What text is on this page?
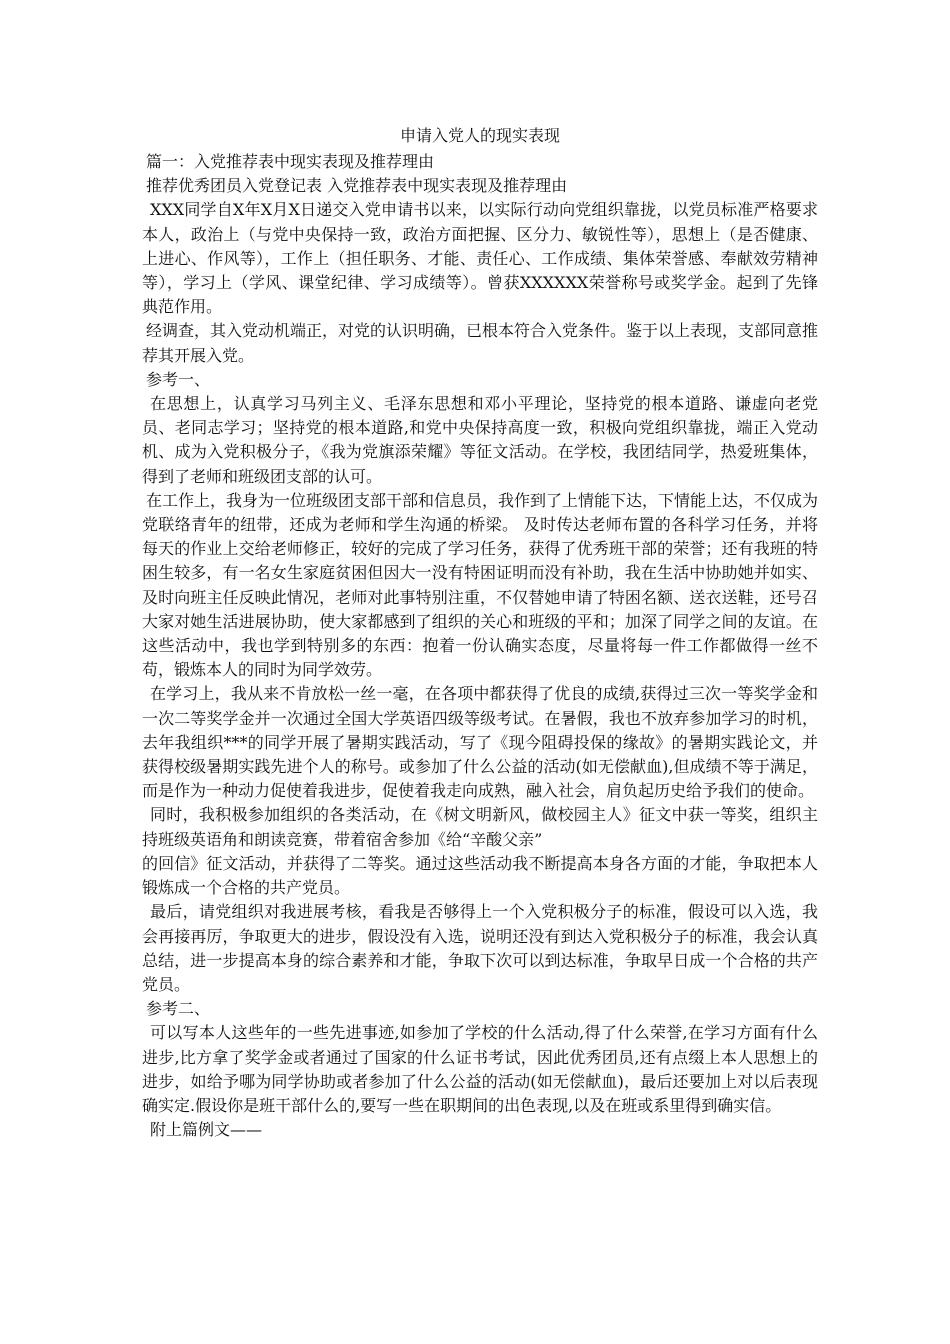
申请入党人的现实表现

篇一：入党推荐表中现实表现及推荐理由

推荐优秀团员入党登记表 入党推荐表中现实表现及推荐理由

XXX同学自X年X月X日递交入党申请书以来，以实际行动向党组织靠拢，以党员标准严格要求本人，政治上（与党中央保持一致，政治方面把握、区分力、敏锐性等），思想上（是否健康、上进心、作风等），工作上（担任职务、才能、责任心、工作成绩、集体荣誉感、奉献效劳精神等），学习上（学风、课堂纪律、学习成绩等）。曾获XXXXXX荣誉称号或奖学金。起到了先锋典范作用。

经调查，其入党动机端正，对党的认识明确，已根本符合入党条件。鉴于以上表现，支部同意推荐其开展入党。

参考一、

在思想上，认真学习马列主义、毛泽东思想和邓小平理论，坚持党的根本道路、谦虚向老党员、老同志学习；坚持党的根本道路,和党中央保持高度一致，积极向党组织靠拢，端正入党动机、成为入党积极分子，《我为党旗添荣耀》等征文活动。在学校，我团结同学，热爱班集体，得到了老师和班级团支部的认可。

在工作上，我身为一位班级团支部干部和信息员，我作到了上情能下达，下情能上达，不仅成为党联络青年的纽带，还成为老师和学生沟通的桥梁。 及时传达老师布置的各科学习任务，并将每天的作业上交给老师修正，较好的完成了学习任务，获得了优秀班干部的荣誉；还有我班的特困生较多，有一名女生家庭贫困但因大一没有特困证明而没有补助，我在生活中协助她并如实、及时向班主任反映此情况，老师对此事特别注重，不仅替她申请了特困名额、送衣送鞋，还号召大家对她生活进展协助，使大家都感到了组织的关心和班级的平和；加深了同学之间的友谊。在这些活动中，我也学到特别多的东西：抱着一份认确实态度，尽量将每一件工作都做得一丝不苟，锻炼本人的同时为同学效劳。

在学习上，我从来不肯放松一丝一毫，在各项中都获得了优良的成绩,获得过三次一等奖学金和一次二等奖学金并一次通过全国大学英语四级等级考试。在暑假，我也不放弃参加学习的时机，去年我组织***的同学开展了暑期实践活动，写了《现今阻碍投保的缘故》的暑期实践论文，并获得校级暑期实践先进个人的称号。或参加了什么公益的活动(如无偿献血),但成绩不等于满足，而是作为一种动力促使着我进步，促使着我走向成熟，融入社会，肩负起历史给予我们的使命。

同时，我积极参加组织的各类活动，在《树文明新风，做校园主人》征文中获一等奖，组织主持班级英语角和朗读竞赛，带着宿舍参加《给“辛酸父亲”

的回信》征文活动，并获得了二等奖。通过这些活动我不断提高本身各方面的才能，争取把本人锻炼成一个合格的共产党员。

最后，请党组织对我进展考核，看我是否够得上一个入党积极分子的标准，假设可以入选，我会再接再厉，争取更大的进步，假设没有入选，说明还没有到达入党积极分子的标准，我会认真总结，进一步提高本身的综合素养和才能，争取下次可以到达标准，争取早日成一个合格的共产党员。

参考二、

可以写本人这些年的一些先进事迹,如参加了学校的什么活动,得了什么荣誉,在学习方面有什么进步,比方拿了奖学金或者通过了国家的什么证书考试，因此优秀团员,还有点缀上本人思想上的进步，如给予哪为同学协助或者参加了什么公益的活动(如无偿献血)，最后还要加上对以后表现确实定.假设你是班干部什么的,要写一些在职期间的出色表现,以及在班或系里得到确实信。

附上篇例文——
